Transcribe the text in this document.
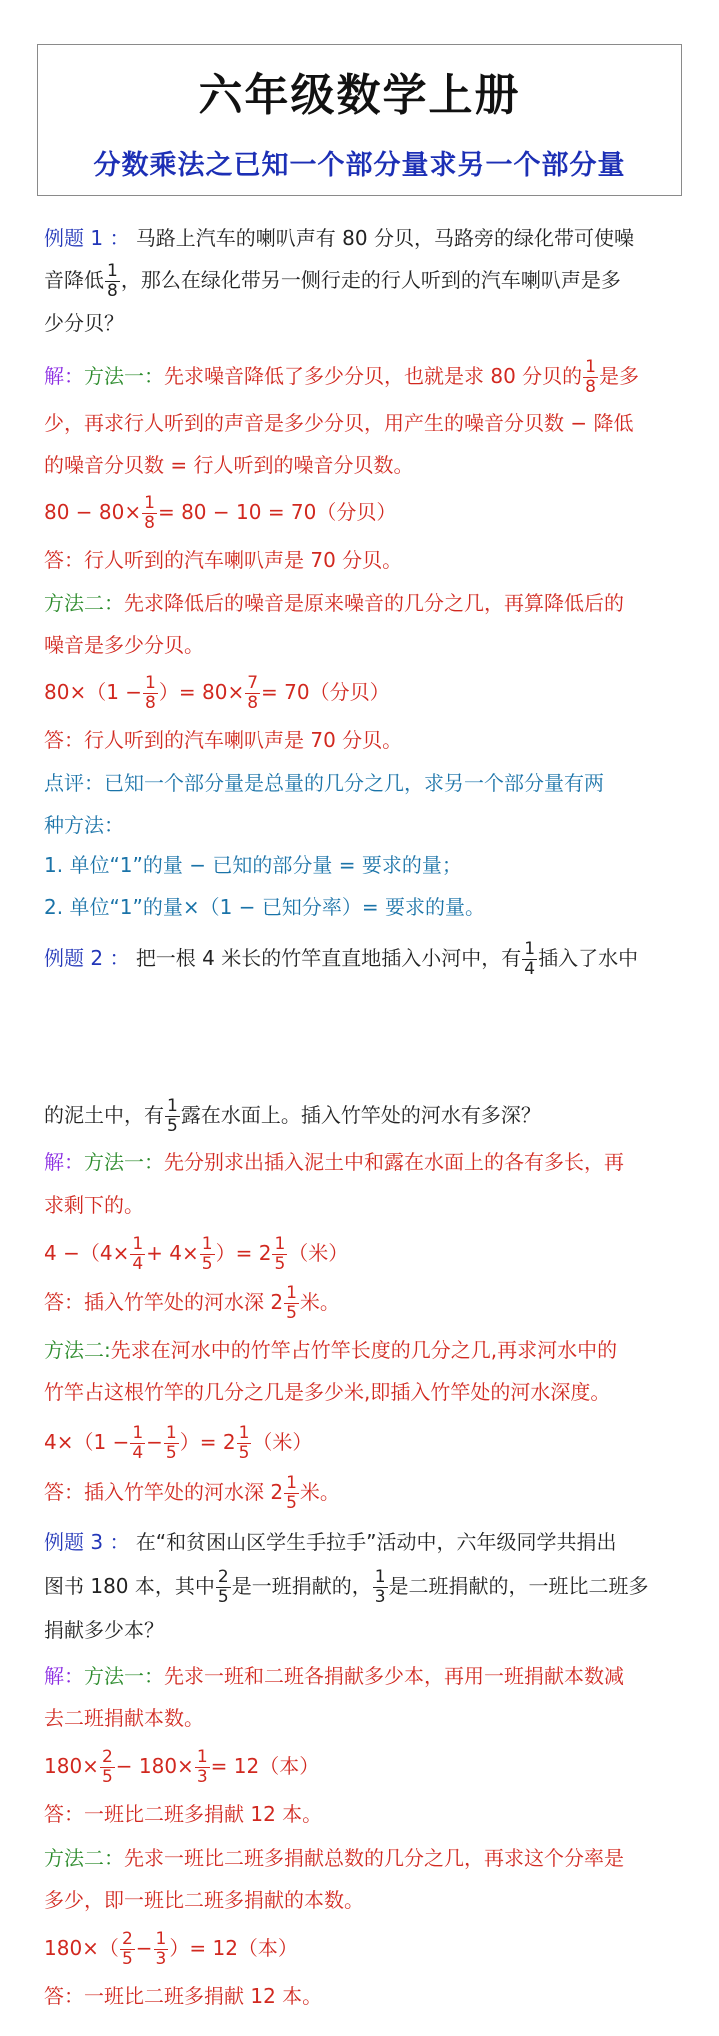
六年级数学上册
分数乘法之已知一个部分量求另一个部分量
例题 1 ： 马路上汽车的喇叭声有 80 分贝，马路旁的绿化带可使噪
音降低 $\frac{1}{8}$ ，那么在绿化带另一侧行走的行人听到的汽车喇叭声是多
少分贝？
解：方法一：先求噪音降低了多少分贝，也就是求 80 分贝的 $\frac{1}{8}$ 是多
少，再求行人听到的声音是多少分贝，用产生的噪音分贝数 − 降低
的噪音分贝数 = 行人听到的噪音分贝数。
$80 - 80\times \frac{1}{8} = 80 - 10 = 70$（分贝）
答：行人听到的汽车喇叭声是 70 分贝。
方法二：先求降低后的噪音是原来噪音的几分之几，再算降低后的
噪音是多少分贝。
$80\times(1 - \frac{1}{8}$ ）= $80\times \frac{7}{8} = 70$（分贝）
答：行人听到的汽车喇叭声是 70 分贝。
点评：已知一个部分量是总量的几分之几，求另一个部分量有两
种方法：
1. 单位“1”的量 − 已知的部分量 = 要求的量；
2. 单位“1”的量×（1 − 已知分率）= 要求的量。
例题 2 ： 把一根 4 米长的竹竿直直地插入小河中，有 $\frac{1}{4}$ 插入了水中
的泥土中，有 $\frac{1}{5}$ 露在水面上。插入竹竿处的河水有多深？
解：方法一：先分别求出插入泥土中和露在水面上的各有多长，再
求剩下的。
$4 -(4\times \frac{1}{4} + 4\times \frac{1}{5}$ ）= $2 \frac{1}{5}$ （米）
答：插入竹竿处的河水深 $2 \frac{1}{5}$ 米。
方法二:先求在河水中的竹竿占竹竿长度的几分之几,再求河水中的
竹竿占这根竹竿的几分之几是多少米,即插入竹竿处的河水深度。
$4\times(1 - \frac{1}{4} - \frac{1}{5}$ ）= $2 \frac{1}{5}$ （米）
答：插入竹竿处的河水深 $2 \frac{1}{5}$ 米。
例题 3 ： 在“和贫困山区学生手拉手”活动中，六年级同学共捐出
图书 180 本，其中 $\frac{2}{5}$ 是一班捐献的， $\frac{1}{3}$ 是二班捐献的，一班比二班多
捐献多少本？
解：方法一：先求一班和二班各捐献多少本，再用一班捐献本数减
去二班捐献本数。
$180\times \frac{2}{5} - 180\times \frac{1}{3} = 12$（本）
答：一班比二班多捐献 12 本。
方法二：先求一班比二班多捐献总数的几分之几，再求这个分率是
多少，即一班比二班多捐献的本数。
$180\times( \frac{2}{5} - \frac{1}{3}$ ）= 12（本）
答：一班比二班多捐献 12 本。
